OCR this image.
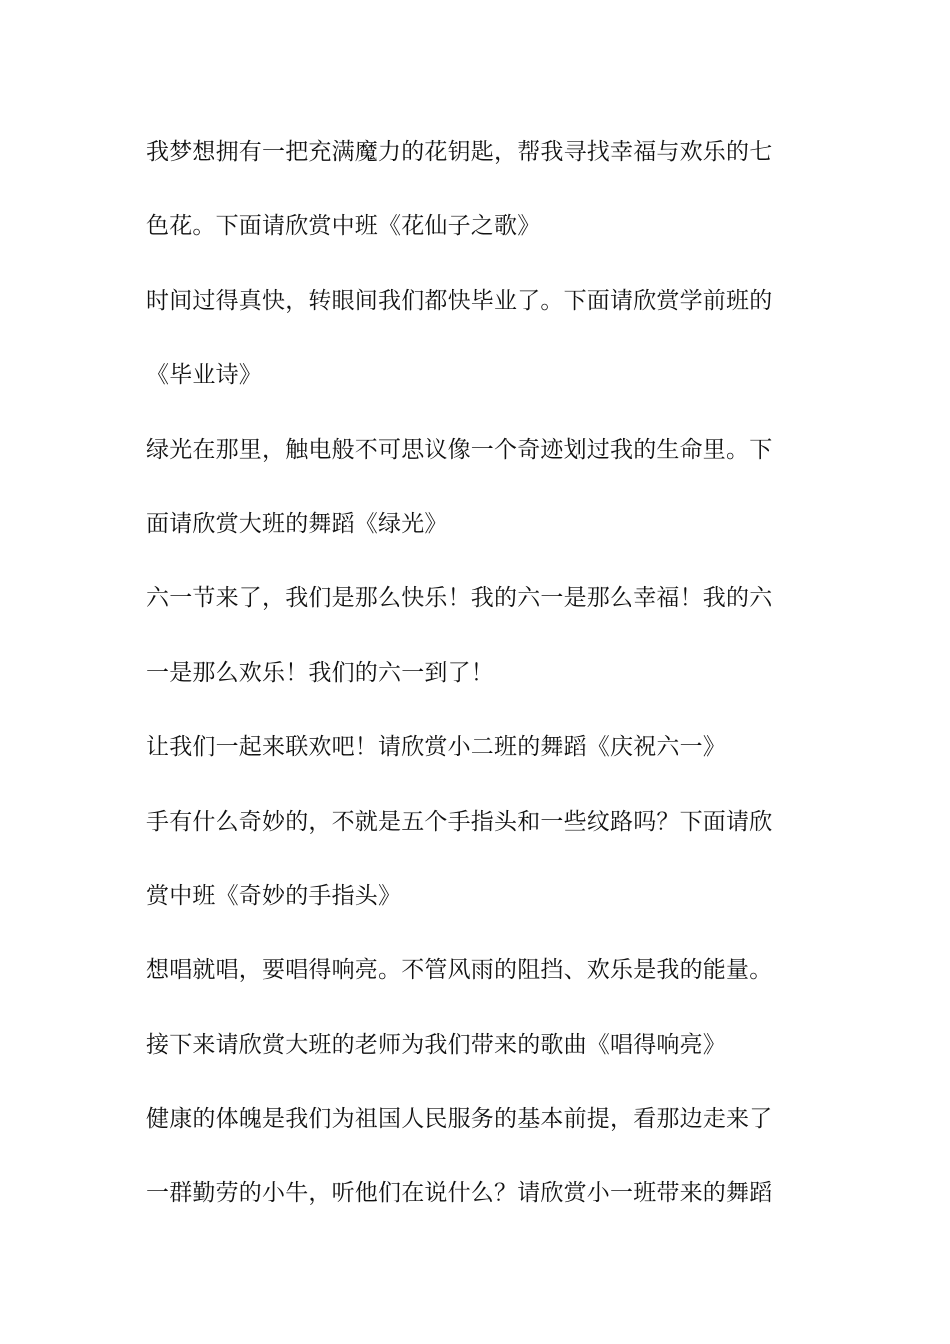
我梦想拥有一把充满魔力的花钥匙，帮我寻找幸福与欢乐的七
色花。下面请欣赏中班《花仙子之歌》
时间过得真快，转眼间我们都快毕业了。下面请欣赏学前班的
《毕业诗》
绿光在那里，触电般不可思议像一个奇迹划过我的生命里。下
面请欣赏大班的舞蹈《绿光》
六一节来了，我们是那么快乐！我的六一是那么幸福！我的六
一是那么欢乐！我们的六一到了！
让我们一起来联欢吧！请欣赏小二班的舞蹈《庆祝六一》
手有什么奇妙的，不就是五个手指头和一些纹路吗？下面请欣
赏中班《奇妙的手指头》
想唱就唱，要唱得响亮。不管风雨的阻挡、欢乐是我的能量。
接下来请欣赏大班的老师为我们带来的歌曲《唱得响亮》
健康的体魄是我们为祖国人民服务的基本前提，看那边走来了
一群勤劳的小牛，听他们在说什么？请欣赏小一班带来的舞蹈
